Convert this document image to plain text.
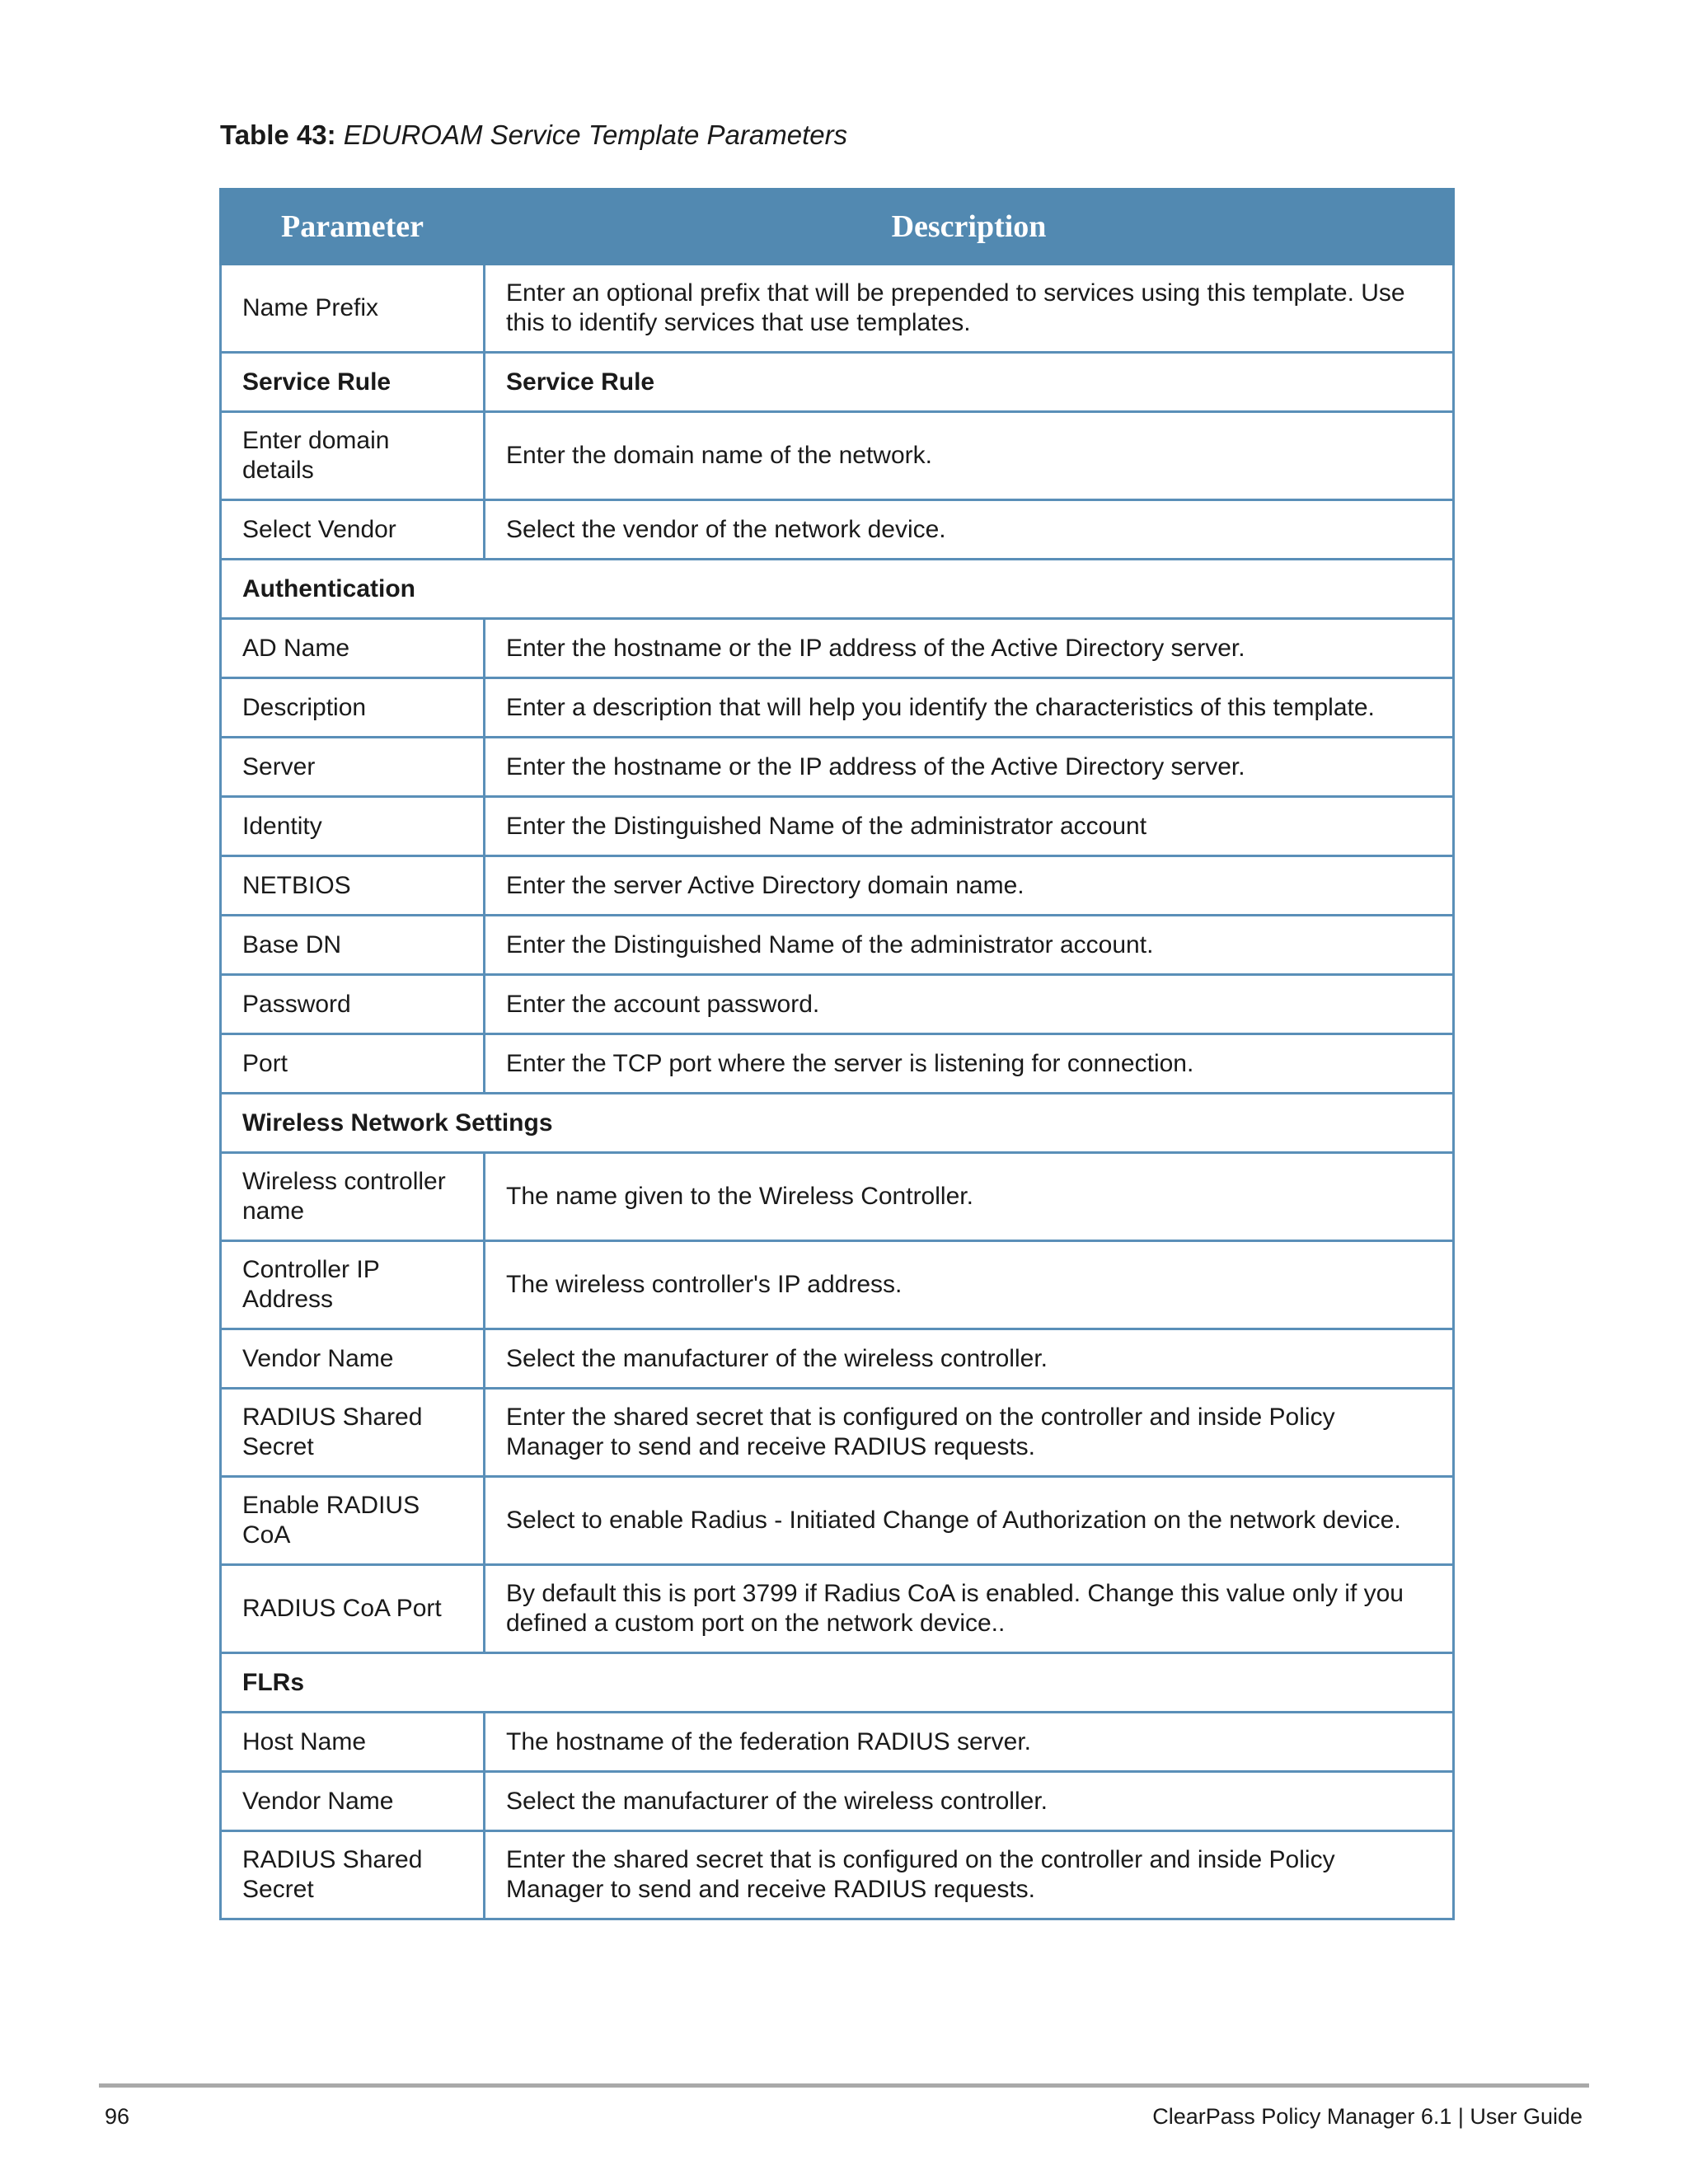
Table 43: EDUROAM Service Template Parameters
Parameter	Description
Name Prefix	Enter an optional prefix that will be prepended to services using this template. Use this to identify services that use templates.
Service Rule	Service Rule
Enter domain details	Enter the domain name of the network.
Select Vendor	Select the vendor of the network device.
Authentication	
AD Name	Enter the hostname or the IP address of the Active Directory server.
Description	Enter a description that will help you identify the characteristics of this template.
Server	Enter the hostname or the IP address of the Active Directory server.
Identity	Enter the Distinguished Name of the administrator account
NETBIOS	Enter the server Active Directory domain name.
Base DN	Enter the Distinguished Name of the administrator account.
Password	Enter the account password.
Port	Enter the TCP port where the server is listening for connection.
Wireless Network Settings	
Wireless controller name	The name given to the Wireless Controller.
Controller IP Address	The wireless controller's IP address.
Vendor Name	Select the manufacturer of the wireless controller.
RADIUS Shared Secret	Enter the shared secret that is configured on the controller and inside Policy Manager to send and receive RADIUS requests.
Enable RADIUS CoA	Select to enable Radius - Initiated Change of Authorization on the network device.
RADIUS CoA Port	By default this is port 3799 if Radius CoA is enabled. Change this value only if you defined a custom port on the network device..
FLRs	
Host Name	The hostname of the federation RADIUS server.
Vendor Name	Select the manufacturer of the wireless controller.
RADIUS Shared Secret	Enter the shared secret that is configured on the controller and inside Policy Manager to send and receive RADIUS requests.
96	ClearPass Policy Manager 6.1 | User Guide
